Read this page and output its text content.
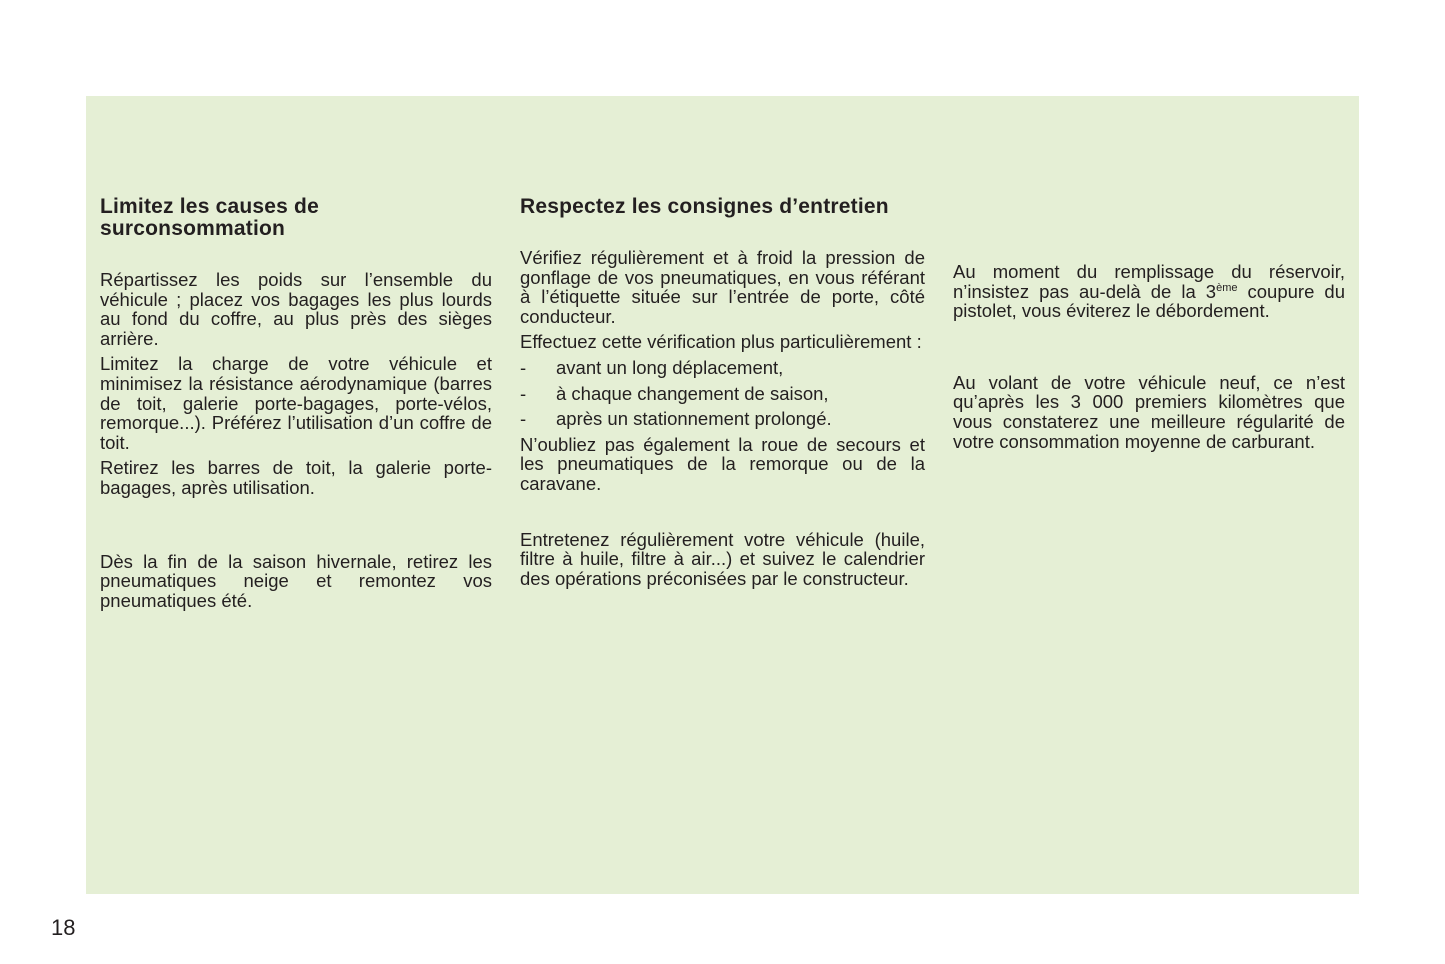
Limitez les causes de surconsommation

Répartissez les poids sur l’ensemble du véhicule ; placez vos bagages les plus lourds au fond du coffre, au plus près des sièges arrière.

Limitez la charge de votre véhicule et minimisez la résistance aérodynamique (barres de toit, galerie porte-bagages, porte-vélos, remorque...). Préférez l’utilisation d’un coffre de toit.

Retirez les barres de toit, la galerie porte-bagages, après utilisation.

Dès la fin de la saison hivernale, retirez les pneumatiques neige et remontez vos pneumatiques été.

Respectez les consignes d’entretien

Vérifiez régulièrement et à froid la pression de gonflage de vos pneumatiques, en vous référant à l’étiquette située sur l’entrée de porte, côté conducteur.

Effectuez cette vérification plus particulièrement :

- avant un long déplacement,
- à chaque changement de saison,
- après un stationnement prolongé.

N’oubliez pas également la roue de secours et les pneumatiques de la remorque ou de la caravane.

Entretenez régulièrement votre véhicule (huile, filtre à huile, filtre à air...) et suivez le calendrier des opérations préconisées par le constructeur.

Au moment du remplissage du réservoir, n’insistez pas au-delà de la 3ème coupure du pistolet, vous éviterez le débordement.

Au volant de votre véhicule neuf, ce n’est qu’après les 3 000 premiers kilomètres que vous constaterez une meilleure régularité de votre consommation moyenne de carburant.

18
